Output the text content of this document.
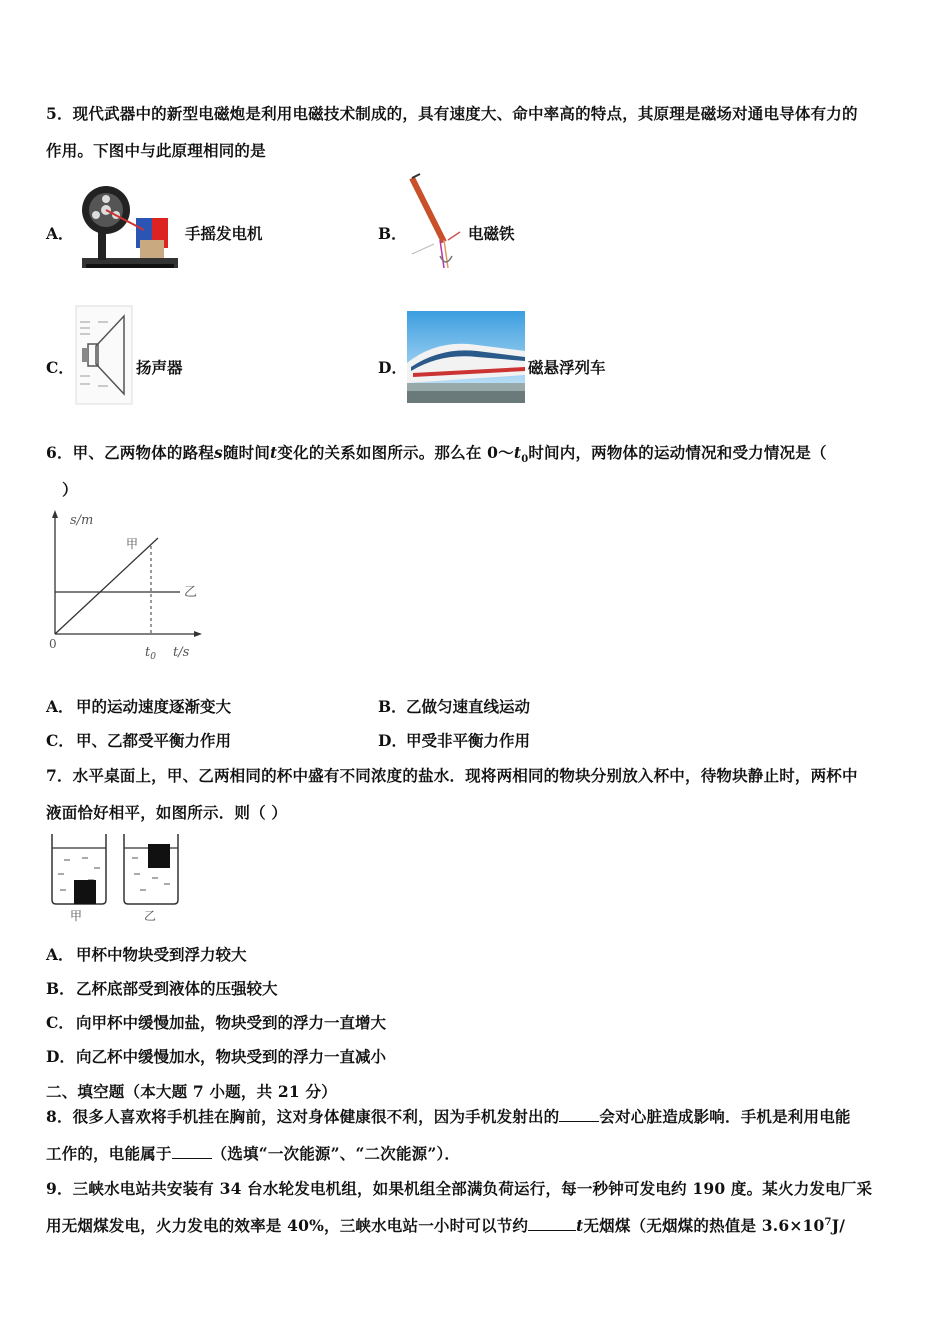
5．现代武器中的新型电磁炮是利用电磁技术制成的，具有速度大、命中率高的特点，其原理是磁场对通电导体有力的
作用。下图中与此原理相同的是
A．	手摇发电机	B．	电磁铁
C．	扬声器	D．	磁悬浮列车
6．甲、乙两物体的路程s随时间t变化的关系如图所示。那么在 $0\sim t_0$时间内，两物体的运动情况和受力情况是（
）
s/m
甲
乙
0
$t_0$ t/s
A． 甲的运动速度逐渐变大	B． 乙做匀速直线运动
C． 甲、乙都受平衡力作用	D． 甲受非平衡力作用
7．水平桌面上，甲、乙两相同的杯中盛有不同浓度的盐水．现将两相同的物块分别放入杯中，待物块静止时，两杯中
液面恰好相平，如图所示．则（ ）
甲	乙
A． 甲杯中物块受到浮力较大
B． 乙杯底部受到液体的压强较大
C． 向甲杯中缓慢加盐，物块受到的浮力一直增大
D． 向乙杯中缓慢加水，物块受到的浮力一直减小
二、填空题（本大题 7 小题，共 21 分）
8．很多人喜欢将手机挂在胸前，这对身体健康很不利，因为手机发射出的	会对心脏造成影响．手机是利用电能
工作的，电能属于	（选填“一次能源”、“二次能源”）．
9．三峡水电站共安装有 34 台水轮发电机组，如果机组全部满负荷运行，每一秒钟可发电约 190 度。某火力发电厂采
用无烟煤发电，火力发电的效率是 40%，三峡水电站一小时可以节约	t无烟煤（无烟煤的热值是 $3.6\times 10^7J/$
